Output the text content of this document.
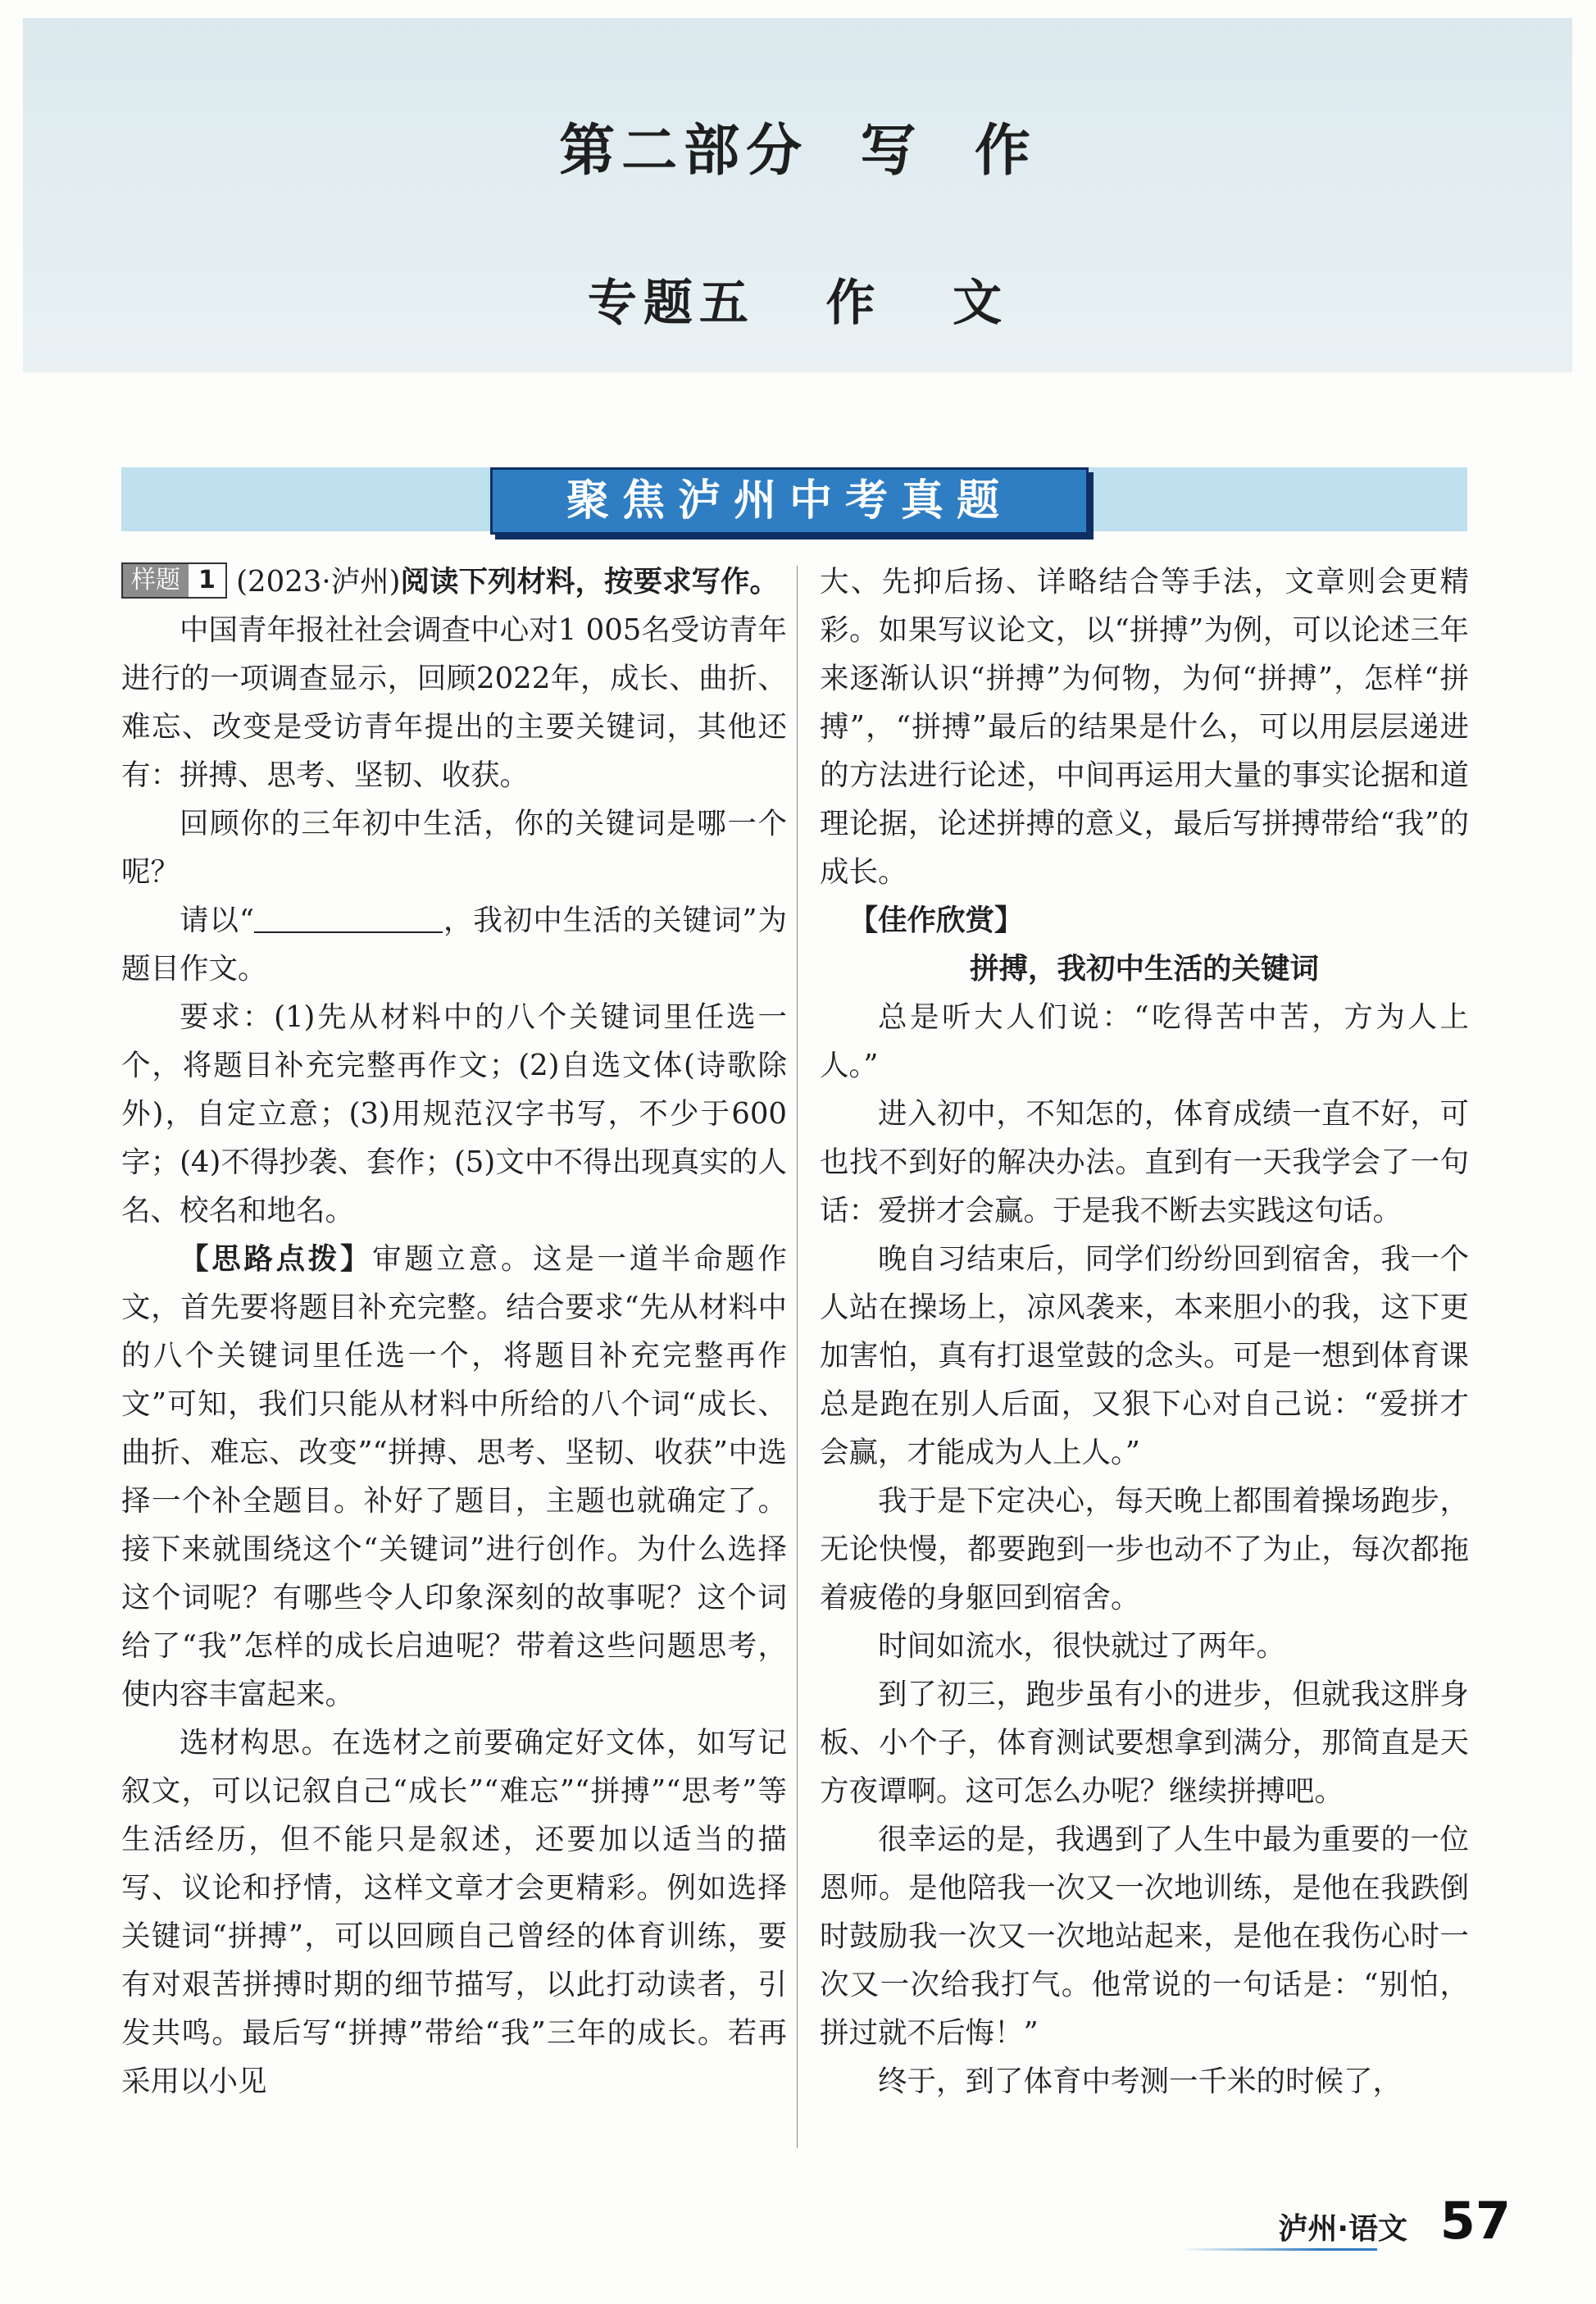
第二部分  写  作
专题五   作   文
聚焦泸州中考真题

样题 1 (2023·泸州)阅读下列材料，按要求写作。

中国青年报社社会调查中心对1 005名受访青年进行的一项调查显示，回顾2022年，成长、曲折、难忘、改变是受访青年提出的主要关键词，其他还有：拼搏、思考、坚韧、收获。

回顾你的三年初中生活，你的关键词是哪一个呢？

请以“	，我初中生活的关键词”为题目作文。

要求：(1)先从材料中的八个关键词里任选一个，将题目补充完整再作文；(2)自选文体(诗歌除外)，自定立意；(3)用规范汉字书写，不少于600字；(4)不得抄袭、套作；(5)文中不得出现真实的人名、校名和地名。

【思路点拨】审题立意。这是一道半命题作文，首先要将题目补充完整。结合要求“先从材料中的八个关键词里任选一个，将题目补充完整再作文”可知，我们只能从材料中所给的八个词“成长、曲折、难忘、改变”“拼搏、思考、坚韧、收获”中选择一个补全题目。补好了题目，主题也就确定了。接下来就围绕这个“关键词”进行创作。为什么选择这个词呢？有哪些令人印象深刻的故事呢？这个词给了“我”怎样的成长启迪呢？带着这些问题思考，使内容丰富起来。

选材构思。在选材之前要确定好文体，如写记叙文，可以记叙自己“成长”“难忘”“拼搏”“思考”等生活经历，但不能只是叙述，还要加以适当的描写、议论和抒情，这样文章才会更精彩。例如选择关键词“拼搏”，可以回顾自己曾经的体育训练，要有对艰苦拼搏时期的细节描写，以此打动读者，引发共鸣。最后写“拼搏”带给“我”三年的成长。若再采用以小见

大、先抑后扬、详略结合等手法，文章则会更精彩。如果写议论文，以“拼搏”为例，可以论述三年来逐渐认识“拼搏”为何物，为何“拼搏”，怎样“拼搏”，“拼搏”最后的结果是什么，可以用层层递进的方法进行论述，中间再运用大量的事实论据和道理论据，论述拼搏的意义，最后写拼搏带给“我”的成长。

【佳作欣赏】

拼搏，我初中生活的关键词

总是听大人们说：“吃得苦中苦，方为人上人。”

进入初中，不知怎的，体育成绩一直不好，可也找不到好的解决办法。直到有一天我学会了一句话：爱拼才会赢。于是我不断去实践这句话。

晚自习结束后，同学们纷纷回到宿舍，我一个人站在操场上，凉风袭来，本来胆小的我，这下更加害怕，真有打退堂鼓的念头。可是一想到体育课总是跑在别人后面，又狠下心对自己说：“爱拼才会赢，才能成为人上人。”

我于是下定决心，每天晚上都围着操场跑步，无论快慢，都要跑到一步也动不了为止，每次都拖着疲倦的身躯回到宿舍。

时间如流水，很快就过了两年。

到了初三，跑步虽有小的进步，但就我这胖身板、小个子，体育测试要想拿到满分，那简直是天方夜谭啊。这可怎么办呢？继续拼搏吧。

很幸运的是，我遇到了人生中最为重要的一位恩师。是他陪我一次又一次地训练，是他在我跌倒时鼓励我一次又一次地站起来，是他在我伤心时一次又一次给我打气。他常说的一句话是：“别怕，拼过就不后悔！”

终于，到了体育中考测一千米的时候了，

泸州·语文 57
